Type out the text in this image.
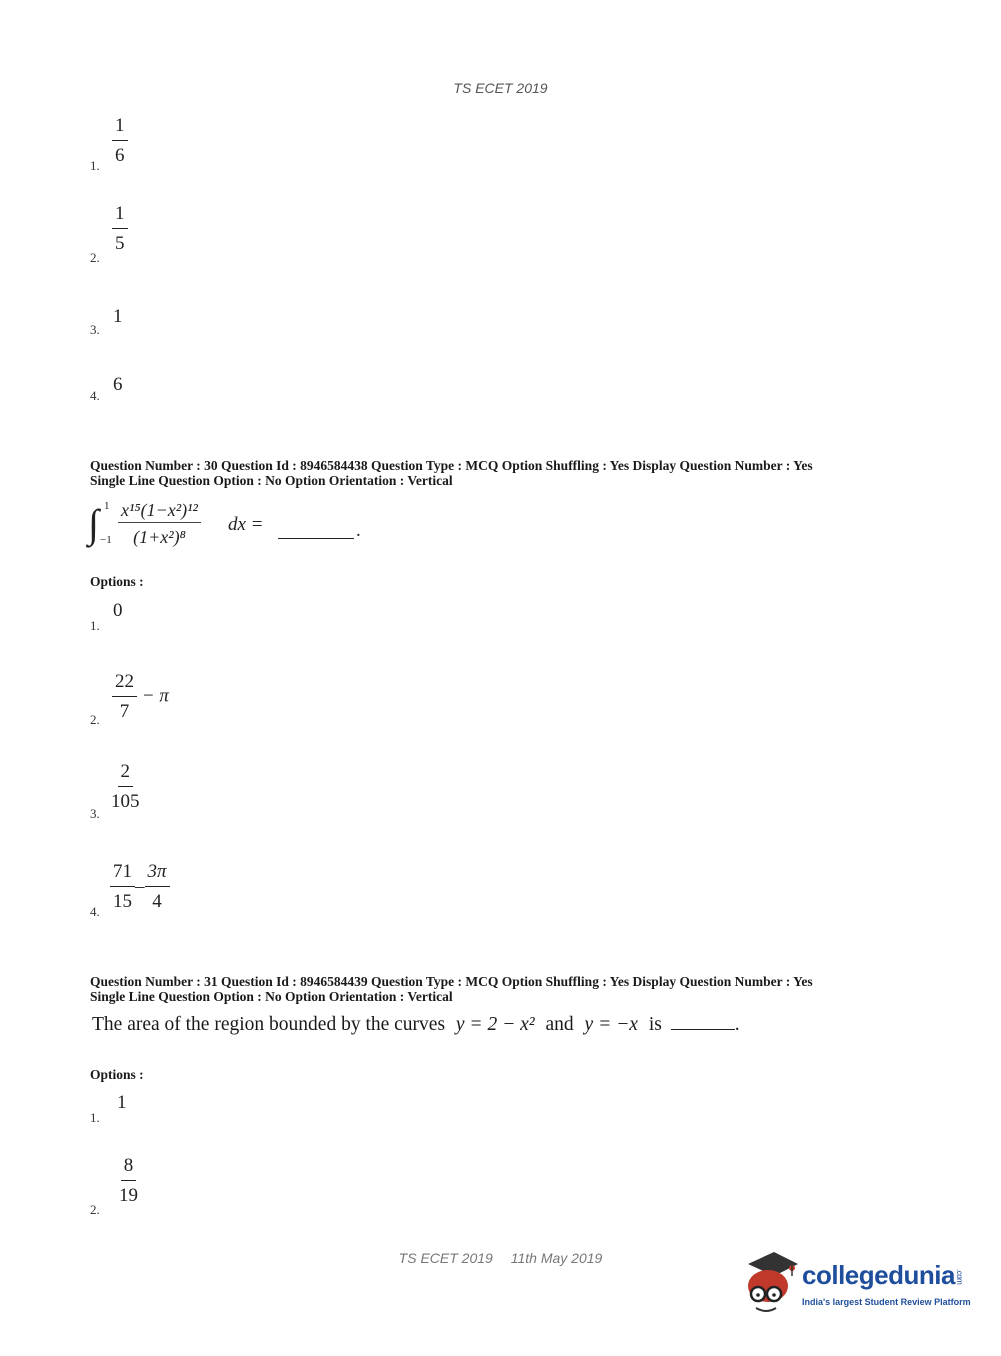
TS ECET 2019
1. $\frac{1}{6}$
2.
$\frac{1}{5}$
3.
1
4.
6
Question Number : 30 Question Id : 8946584438 Question Type : MCQ Option Shuffling : Yes Display Question Number : Yes
Single Line Question Option : No Option Orientation : Vertical
∫ 1
$-1 \frac{\text{x¹⁵(1−x²)¹²}}{\text{(1+x²)⁸}}$ dx =	.
Options :
1.
0
2. $\frac{22}{7} - \pi$
3. $\frac{2}{105}$
4. $\frac{71}{15} - \frac{3\pi}{4}$
Question Number : 31 Question Id : 8946584439 Question Type : MCQ Option Shuffling : Yes Display Question Number : Yes
Single Line Question Option : No Option Orientation : Vertical
The area of the region bounded by the curves y = 2 − x² and y = −x is	.
Options :
1.
1
2.
$\frac{8}{19}$
TS ECET 2019 11th May 2019
collegedunia.com
India's largest Student Review Platform
